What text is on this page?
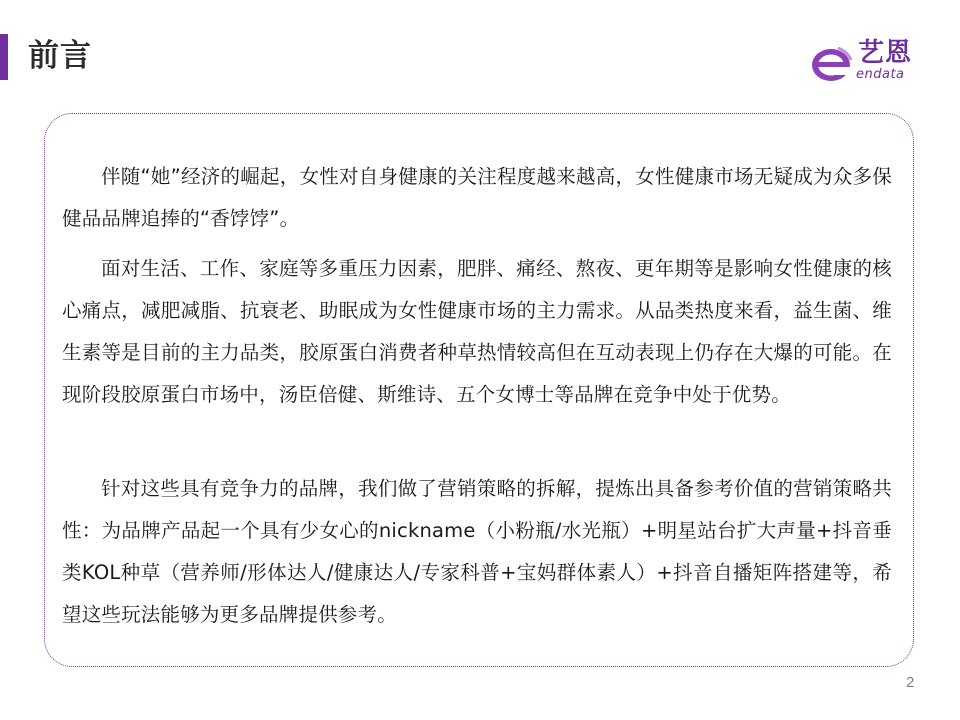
前言	艺恩
endata

伴随“她”经济的崛起，女性对自身健康的关注程度越来越高，女性健康市场无疑成为众多保健品品牌追捧的“香饽饽”。

面对生活、工作、家庭等多重压力因素，肥胖、痛经、熬夜、更年期等是影响女性健康的核心痛点，减肥减脂、抗衰老、助眠成为女性健康市场的主力需求。从品类热度来看，益生菌、维生素等是目前的主力品类，胶原蛋白消费者种草热情较高但在互动表现上仍存在大爆的可能。在现阶段胶原蛋白市场中，汤臣倍健、斯维诗、五个女博士等品牌在竞争中处于优势。

针对这些具有竞争力的品牌，我们做了营销策略的拆解，提炼出具备参考价值的营销策略共性：为品牌产品起一个具有少女心的nickname（小粉瓶/水光瓶）+明星站台扩大声量+抖音垂类KOL种草（营养师/形体达人/健康达人/专家科普+宝妈群体素人）+抖音自播矩阵搭建等，希望这些玩法能够为更多品牌提供参考。

2
